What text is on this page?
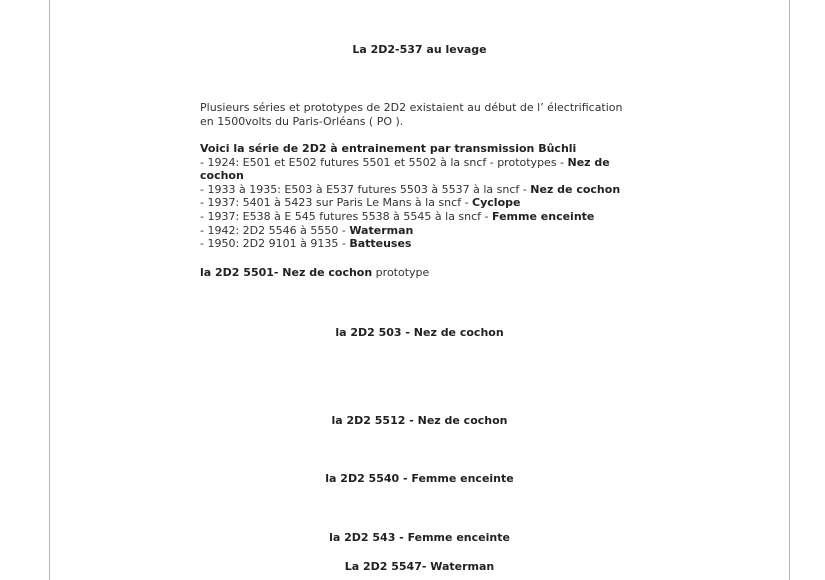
La 2D2-537 au levage
Plusieurs séries et prototypes de 2D2 existaient au début de l’ électrification
en 1500volts du Paris-Orléans ( PO ).
Voici la série de 2D2 à entrainement par transmission Bûchli
- 1924: E501 et E502 futures 5501 et 5502 à la sncf - prototypes - Nez de cochon
- 1933 à 1935: E503 à E537 futures 5503 à 5537 à la sncf - Nez de cochon
- 1937: 5401 à 5423 sur Paris Le Mans à la sncf - Cyclope
- 1937: E538 à E 545 futures 5538 à 5545 à la sncf - Femme enceinte
- 1942: 2D2 5546 à 5550 - Waterman
- 1950: 2D2 9101 à 9135 - Batteuses
la 2D2 5501- Nez de cochon prototype
la 2D2 503 - Nez de cochon
la 2D2 5512 - Nez de cochon
la 2D2 5540 - Femme enceinte
la 2D2 543 - Femme enceinte
La 2D2 5547- Waterman
